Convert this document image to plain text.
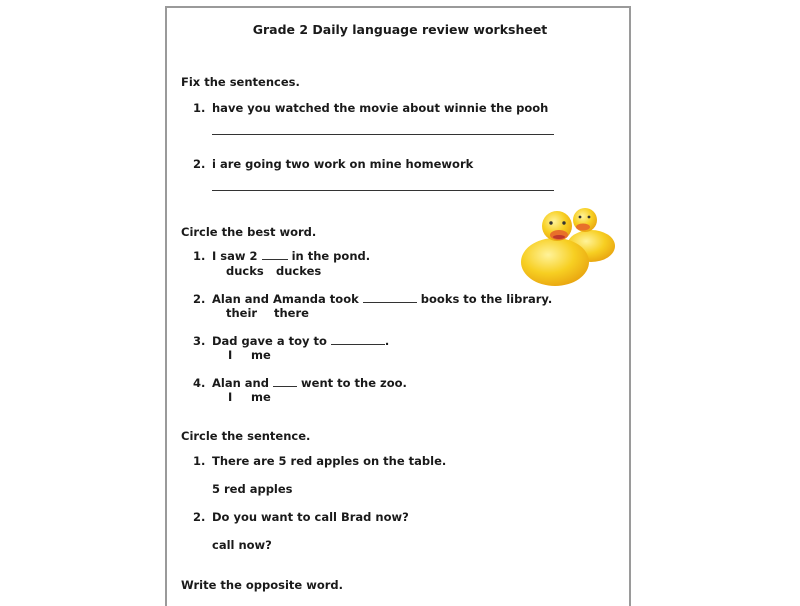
Grade 2 Daily language review worksheet
Fix the sentences.
1. have you watched the movie about winnie the pooh
2. i are going two work on mine homework
Circle the best word.
1. I saw 2	in the pond.
ducks duckes
2. Alan and Amanda took	books to the library.
their there
3. Dad gave a toy to	.
I me
4. Alan and	went to the zoo.
I me
Circle the sentence.
1. There are 5 red apples on the table.
5 red apples
2. Do you want to call Brad now?
call now?
Write the opposite word.
